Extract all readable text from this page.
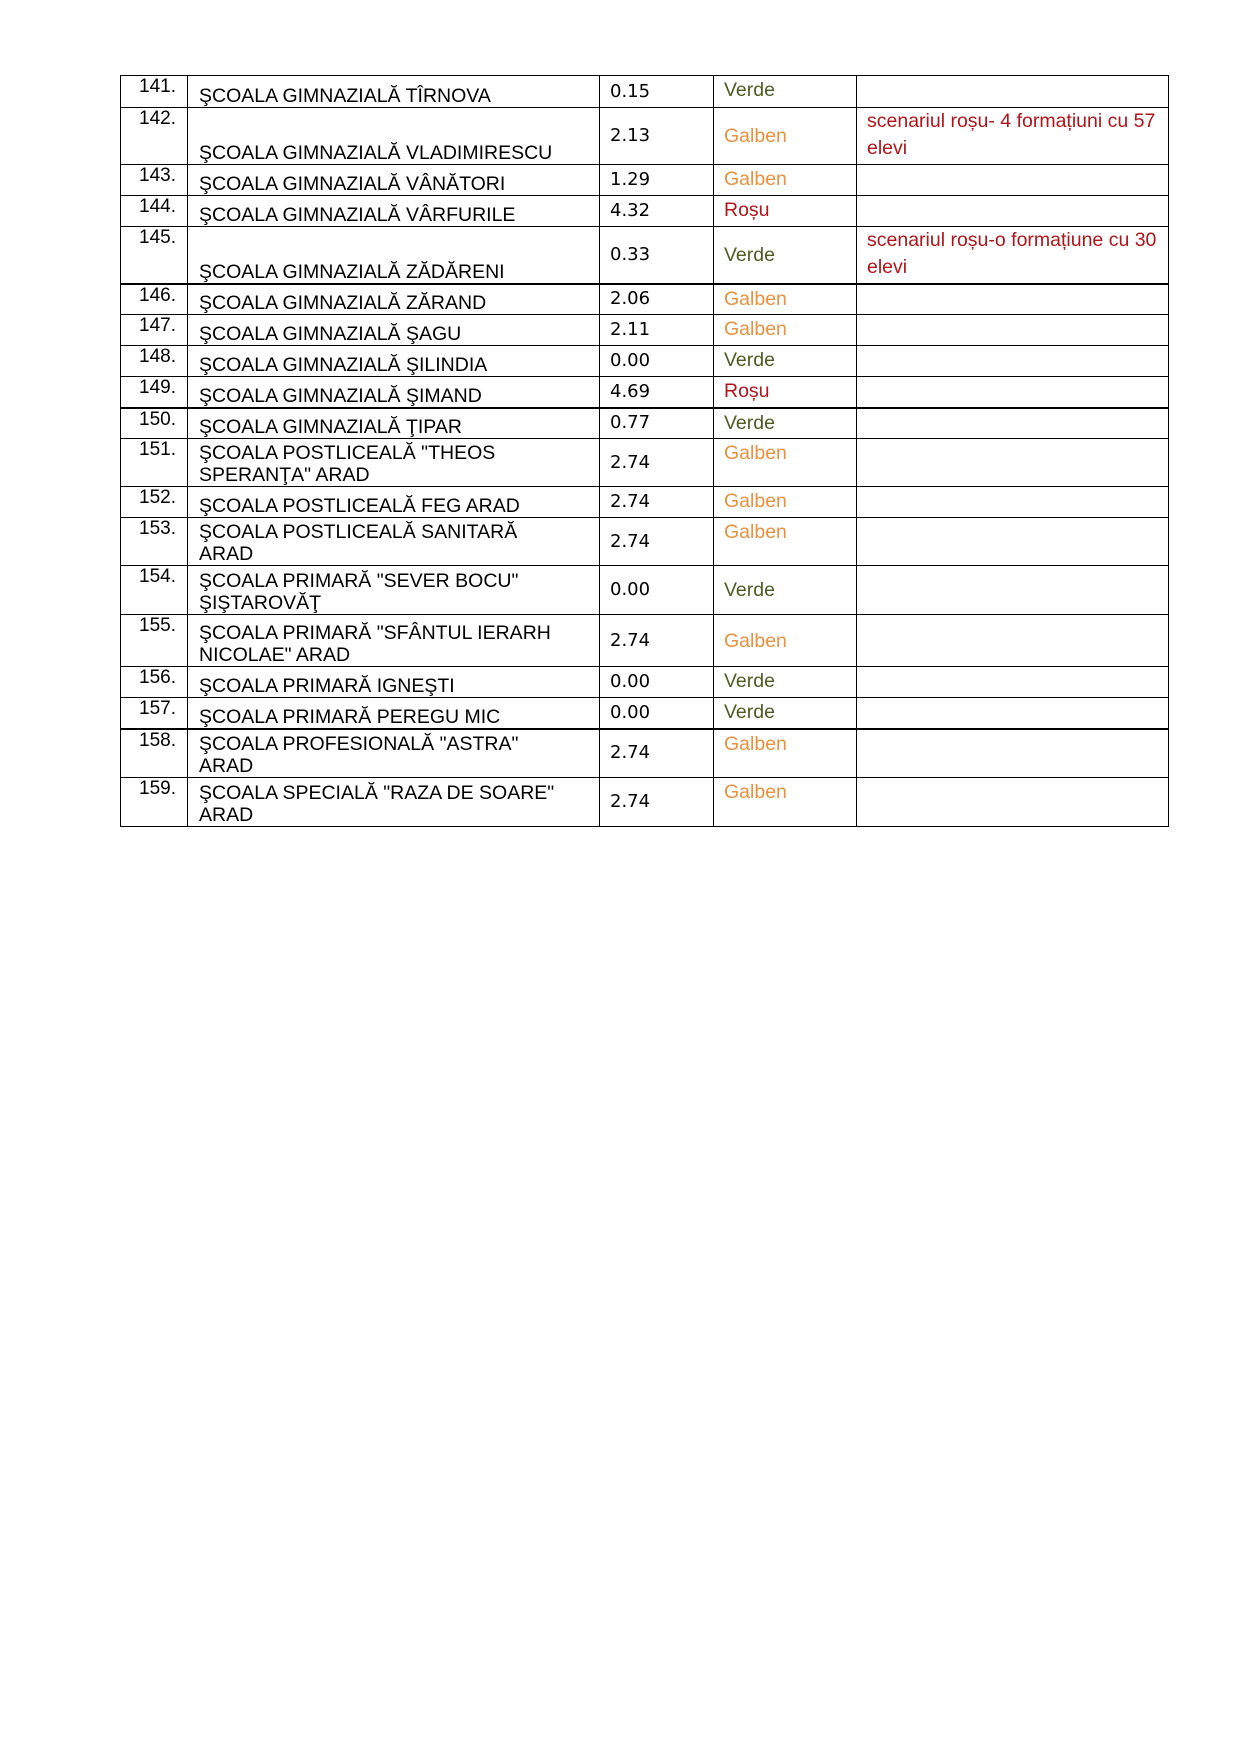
141.	ŞCOALA GIMNAZIALĂ TÎRNOVA	0.15	Verde	
142.	ŞCOALA GIMNAZIALĂ VLADIMIRESCU	2.13	Galben	scenariul roșu- 4 formațiuni cu 57 elevi
143.	ŞCOALA GIMNAZIALĂ VÂNĂTORI	1.29	Galben	
144.	ŞCOALA GIMNAZIALĂ VÂRFURILE	4.32	Roșu	
145.	ŞCOALA GIMNAZIALĂ ZĂDĂRENI	0.33	Verde	scenariul roșu-o formațiune cu 30 elevi
146.	ŞCOALA GIMNAZIALĂ ZĂRAND	2.06	Galben	
147.	ŞCOALA GIMNAZIALĂ ŞAGU	2.11	Galben	
148.	ŞCOALA GIMNAZIALĂ ŞILINDIA	0.00	Verde	
149.	ŞCOALA GIMNAZIALĂ ŞIMAND	4.69	Roșu	
150.	ŞCOALA GIMNAZIALĂ ŢIPAR	0.77	Verde	
151.	ŞCOALA POSTLICEALĂ "THEOS
SPERANŢA" ARAD	2.74	Galben	
152.	ŞCOALA POSTLICEALĂ FEG ARAD	2.74	Galben	
153.	ŞCOALA POSTLICEALĂ SANITARĂ
ARAD	2.74	Galben	
154.	ŞCOALA PRIMARĂ "SEVER BOCU"
ŞIŞTAROVĂŢ	0.00	Verde	
155.	ŞCOALA PRIMARĂ "SFÂNTUL IERARH
NICOLAE" ARAD	2.74	Galben	
156.	ŞCOALA PRIMARĂ IGNEŞTI	0.00	Verde	
157.	ŞCOALA PRIMARĂ PEREGU MIC	0.00	Verde	
158.	ŞCOALA PROFESIONALĂ "ASTRA"
ARAD	2.74	Galben	
159.	ŞCOALA SPECIALĂ "RAZA DE SOARE"
ARAD	2.74	Galben	
